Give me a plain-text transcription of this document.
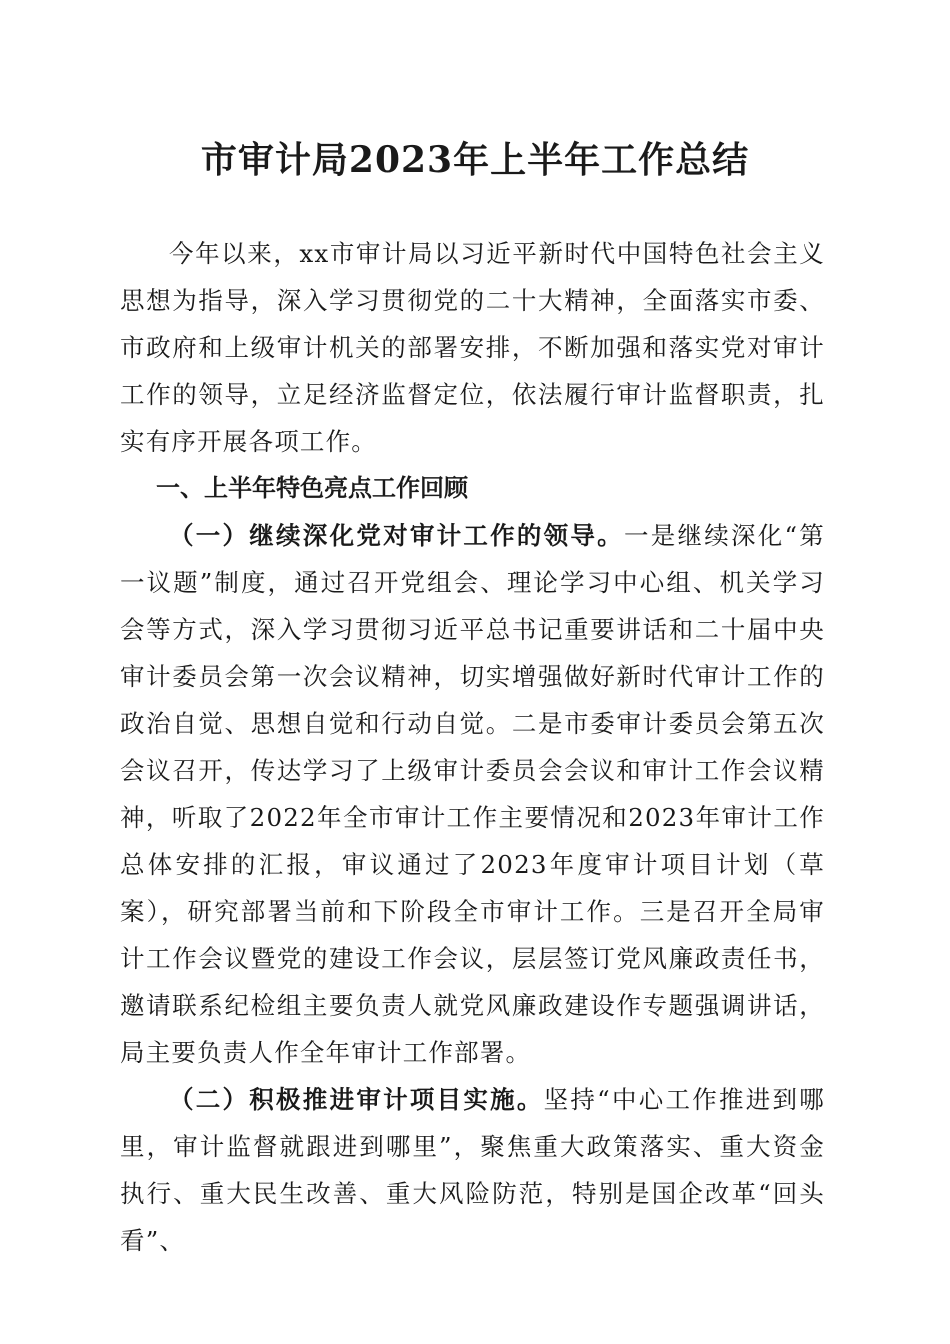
市审计局2023年上半年工作总结

今年以来，xx市审计局以习近平新时代中国特色社会主义思想为指导，深入学习贯彻党的二十大精神，全面落实市委、市政府和上级审计机关的部署安排，不断加强和落实党对审计工作的领导，立足经济监督定位，依法履行审计监督职责，扎实有序开展各项工作。

一、上半年特色亮点工作回顾

（一）继续深化党对审计工作的领导。一是继续深化“第一议题”制度，通过召开党组会、理论学习中心组、机关学习会等方式，深入学习贯彻习近平总书记重要讲话和二十届中央审计委员会第一次会议精神，切实增强做好新时代审计工作的政治自觉、思想自觉和行动自觉。二是市委审计委员会第五次会议召开，传达学习了上级审计委员会会议和审计工作会议精神，听取了2022年全市审计工作主要情况和2023年审计工作总体安排的汇报，审议通过了2023年度审计项目计划（草案），研究部署当前和下阶段全市审计工作。三是召开全局审计工作会议暨党的建设工作会议，层层签订党风廉政责任书，邀请联系纪检组主要负责人就党风廉政建设作专题强调讲话，局主要负责人作全年审计工作部署。

（二）积极推进审计项目实施。坚持“中心工作推进到哪里，审计监督就跟进到哪里”，聚焦重大政策落实、重大资金执行、重大民生改善、重大风险防范，特别是国企改革“回头看”、
